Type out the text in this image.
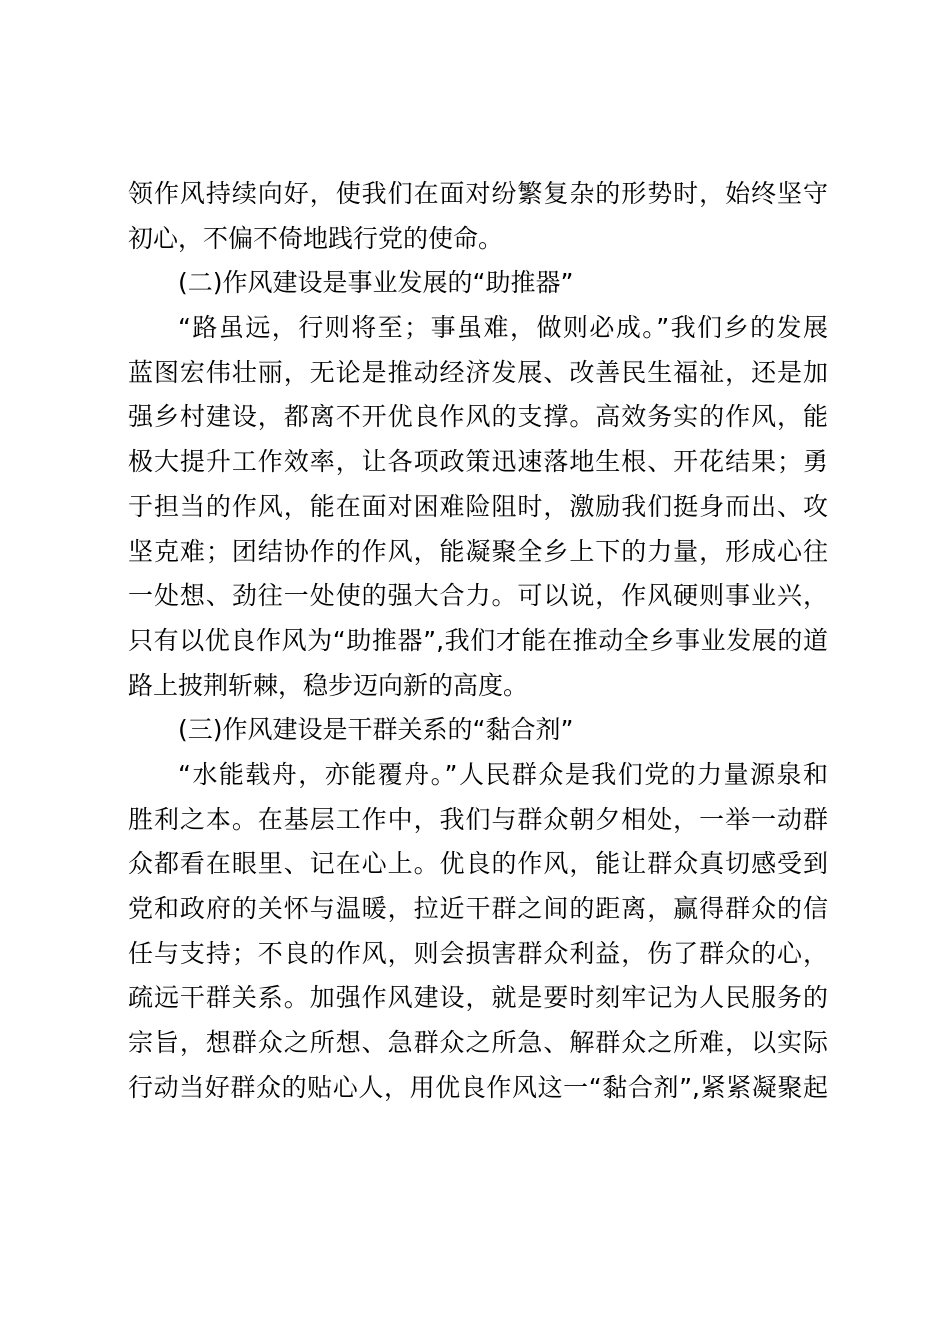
领作风持续向好，使我们在面对纷繁复杂的形势时，始终坚守
初心，不偏不倚地践行党的使命。
(二)作风建设是事业发展的“助推器”
“路虽远，行则将至；事虽难，做则必成。”我们乡的发展
蓝图宏伟壮丽，无论是推动经济发展、改善民生福祉，还是加
强乡村建设，都离不开优良作风的支撑。高效务实的作风，能
极大提升工作效率，让各项政策迅速落地生根、开花结果；勇
于担当的作风，能在面对困难险阻时，激励我们挺身而出、攻
坚克难；团结协作的作风，能凝聚全乡上下的力量，形成心往
一处想、劲往一处使的强大合力。可以说，作风硬则事业兴，
只有以优良作风为“助推器”,我们才能在推动全乡事业发展的道
路上披荆斩棘，稳步迈向新的高度。
(三)作风建设是干群关系的“黏合剂”
“水能载舟，亦能覆舟。”人民群众是我们党的力量源泉和
胜利之本。在基层工作中，我们与群众朝夕相处，一举一动群
众都看在眼里、记在心上。优良的作风，能让群众真切感受到
党和政府的关怀与温暖，拉近干群之间的距离，赢得群众的信
任与支持；不良的作风，则会损害群众利益，伤了群众的心，
疏远干群关系。加强作风建设，就是要时刻牢记为人民服务的
宗旨，想群众之所想、急群众之所急、解群众之所难，以实际
行动当好群众的贴心人，用优良作风这一“黏合剂”,紧紧凝聚起
